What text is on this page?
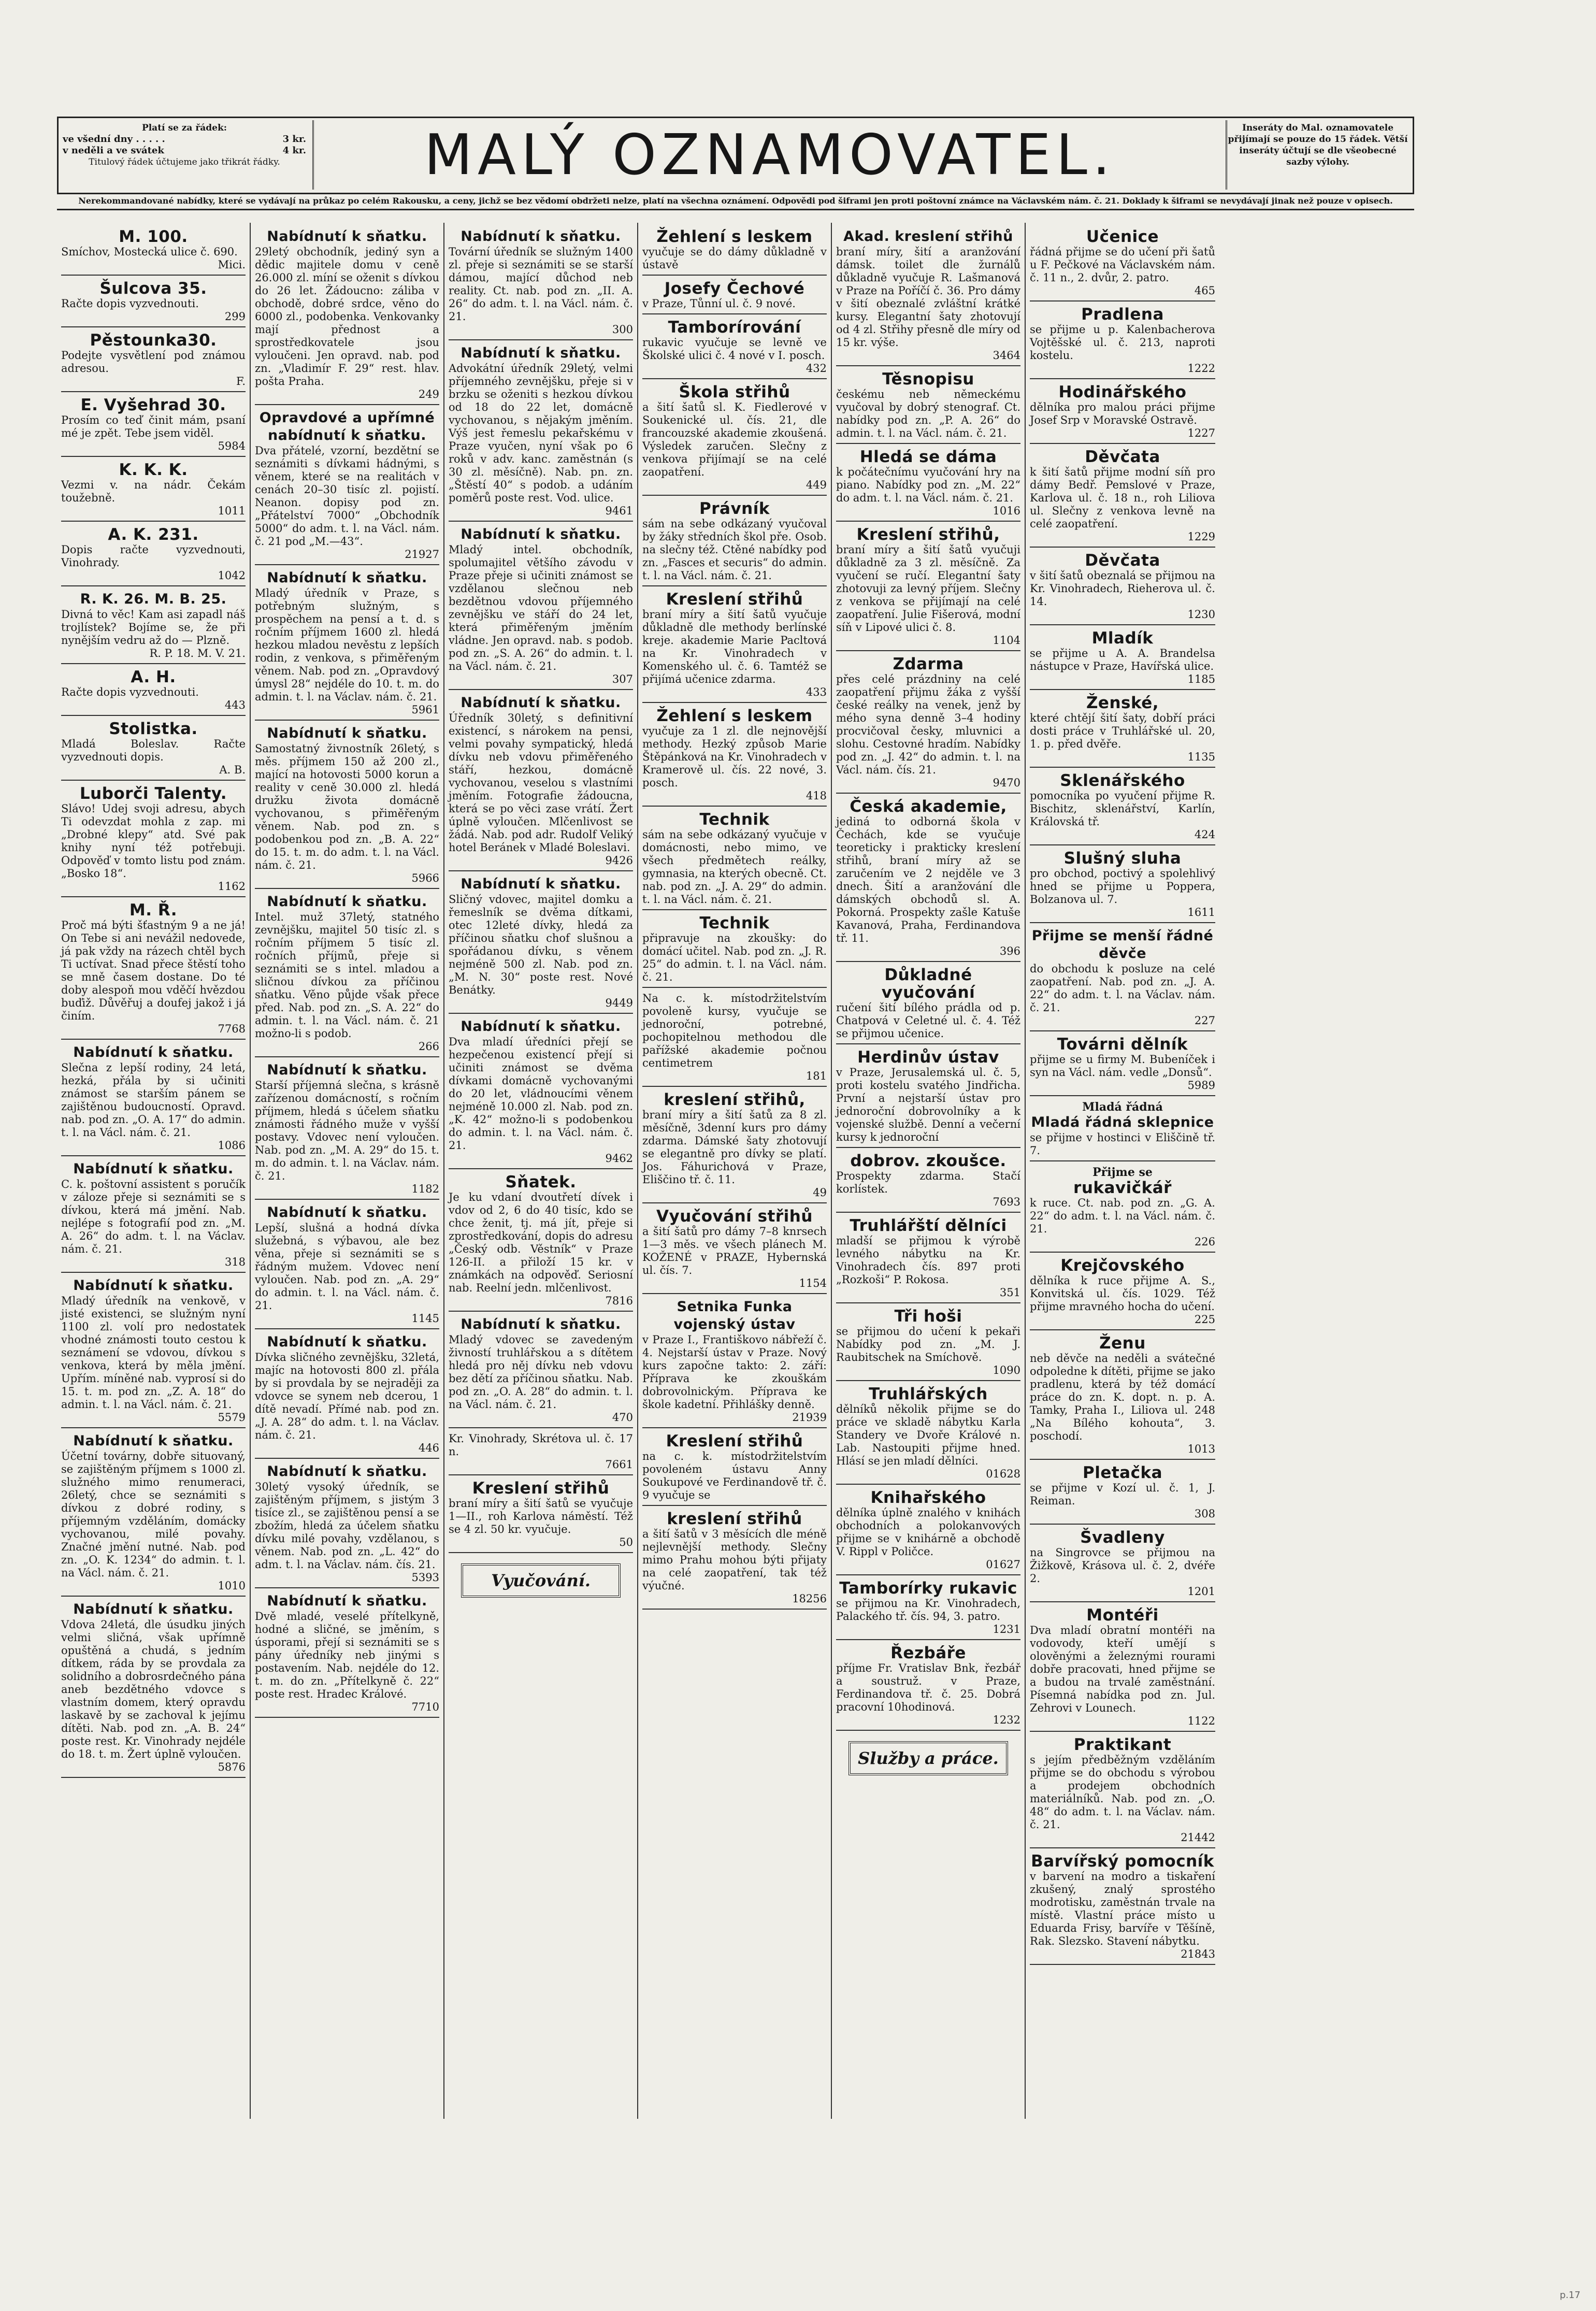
Platí se za řádek:
ve všední dny . . . . .	3 kr.
v neděli a ve svátek	4 kr.
Titulový řádek účtujeme jako třikrát řádky.	MALÝ OZNAMOVATEL.	Inseráty do Mal. oznamovatele přijímají se pouze do 15 řádek. Větší inseráty účtují se dle všeobecné sazby výlohy.
Nerekommandované nabídky, které se vydávají na průkaz po celém Rakousku, a ceny, jichž se bez vědomí obdržeti nelze, platí na všechna oznámení. Odpovědi pod šiframi jen proti poštovní známce na Václavském nám. č. 21. Doklady k šiframi se nevydávají jinak než pouze v opisech.
M. 100.
Smíchov, Mostecká ulice č. 690.
Mici.
Šulcova 35.
Račte dopis vyzvednouti.
299
Pěstounka30.
Podejte vysvětlení pod známou adresou.
F.
E. Vyšehrad 30.
Prosím co teď činit mám, psaní mé je zpět. Tebe jsem viděl.
5984
K. K. K.
Vezmi v. na nádr. Čekám toužebně.
1011
A. K. 231.
Dopis račte vyzvednouti, Vinohrady.
1042
R. K. 26. M. B. 25.
Divná to věc! Kam asi zapadl náš trojlístek? Bojíme se, že při nynějším vedru až do — Plzně.
R. P. 18. M. V. 21.
A. H.
Račte dopis vyzvednouti.
443
Stolistka.
Mladá Boleslav. Račte vyzvednouti dopis.
A. B.
Luborči Talenty.
Slávo! Udej svoji adresu, abych Ti odevzdat mohla z zap. mi „Drobné klepy“ atd. Své pak knihy nyní též potřebuji. Odpověď v tomto listu pod znám. „Bosko 18“.
1162
M. Ř.
Proč má býti šťastným 9 a ne já! On Tebe si ani nevážil nedovede, já pak vždy na rázech chtěl bych Ti uctívat. Snad přece štěstí toho se mně časem dostane. Do té doby alespoň mou vděčí hvězdou buďiž. Důvěřuj a doufej jakož i já činím.
7768
Nabídnutí k sňatku.
Slečna z lepší rodiny, 24 letá, hezká, přála by si učiniti známost se starším pánem se zajištěnou budoucností. Opravd. nab. pod zn. „O. A. 17“ do admin. t. l. na Václ. nám. č. 21.
1086
Nabídnutí k sňatku.
C. k. poštovní assistent s poručík v záloze přeje si seznámiti se s dívkou, která má jmění. Nab. nejlépe s fotografií pod zn. „M. A. 26“ do adm. t. l. na Václav. nám. č. 21.
318
Nabídnutí k sňatku.
Mladý úředník na venkově, v jisté existenci, se služným nyní 1100 zl. volí pro nedostatek vhodné známosti touto cestou k seznámení se vdovou, dívkou s venkova, která by měla jmění. Upřím. míněné nab. vyprosí si do 15. t. m. pod zn. „Z. A. 18“ do admin. t. l. na Václ. nám. č. 21.
5579
Nabídnutí k sňatku.
Účetní továrny, dobře situovaný, se zajištěným příjmem s 1000 zl. služného mimo renumeraci, 26letý, chce se seznámiti s dívkou z dobré rodiny, s příjemným vzděláním, domácky vychovanou, milé povahy. Značné jmění nutné. Nab. pod zn. „O. K. 1234“ do admin. t. l. na Václ. nám. č. 21.
1010
Nabídnutí k sňatku.
Vdova 24letá, dle úsudku jiných velmi sličná, však upřímně opuštěná a chudá, s jedním dítkem, ráda by se provdala za solidního a dobrosrdečného pána aneb bezdětného vdovce s vlastním domem, který opravdu laskavě by se zachoval k jejímu dítěti. Nab. pod zn. „A. B. 24“ poste rest. Kr. Vinohrady nejdéle do 18. t. m. Žert úplně vyloučen.
5876
Nabídnutí k sňatku.
29letý obchodník, jediný syn a dědic majitele domu v ceně 26.000 zl. míní se oženit s dívkou do 26 let. Žádoucno: záliba v obchodě, dobré srdce, věno do 6000 zl., podobenka. Venkovanky mají přednost a sprostředkovatele jsou vyloučeni. Jen opravd. nab. pod zn. „Vladimír F. 29“ rest. hlav. pošta Praha.
249
Opravdové a upřímné nabídnutí k sňatku.
Dva přátelé, vzorní, bezdětní se seznámiti s dívkami hádnými, s věnem, které se na realitách v cenách 20–30 tisíc zl. pojistí. Neanon. dopisy pod zn. „Přátelství 7000“ „Obchodník 5000“ do adm. t. l. na Václ. nám. č. 21 pod „M.—43“.
21927
Nabídnutí k sňatku.
Mladý úředník v Praze, s potřebným služným, s prospěchem na pensí a t. d. s ročním příjmem 1600 zl. hledá hezkou mladou nevěstu z lepších rodin, z venkova, s přiměřeným věnem. Nab. pod zn. „Opravdový úmysl 28“ nejdéle do 10. t. m. do admin. t. l. na Václav. nám. č. 21.
5961
Nabídnutí k sňatku.
Samostatný živnostník 26letý, s měs. příjmem 150 až 200 zl., mající na hotovosti 5000 korun a reality v ceně 30.000 zl. hledá družku života domácně vychovanou, s přiměřeným věnem. Nab. pod zn. s podobenkou pod zn. „B. A. 22“ do 15. t. m. do adm. t. l. na Václ. nám. č. 21.
5966
Nabídnutí k sňatku.
Intel. muž 37letý, statného zevnějšku, majitel 50 tisíc zl. s ročním příjmem 5 tisíc zl. ročních příjmů, přeje si seznámiti se s intel. mladou a sličnou dívkou za příčinou sňatku. Věno půjde však přece před. Nab. pod zn. „S. A. 22“ do admin. t. l. na Václ. nám. č. 21 možno-li s podob.
266
Nabídnutí k sňatku.
Starší příjemná slečna, s krásně zařízenou domácností, s ročním příjmem, hledá s účelem sňatku známosti řádného muže v vyšší postavy. Vdovec není vyloučen. Nab. pod zn. „M. A. 29“ do 15. t. m. do admin. t. l. na Václav. nám. č. 21.
1182
Nabídnutí k sňatku.
Lepší, slušná a hodná dívka služebná, s výbavou, ale bez věna, přeje si seznámiti se s řádným mužem. Vdovec není vyloučen. Nab. pod zn. „A. 29“ do admin. t. l. na Václ. nám. č. 21.
1145
Nabídnutí k sňatku.
Dívka sličného zevnějšku, 32letá, majíc na hotovosti 800 zl. přála by si provdala by se nejraději za vdovce se synem neb dcerou, 1 dítě nevadí. Přímé nab. pod zn. „J. A. 28“ do adm. t. l. na Václav. nám. č. 21.
446
Nabídnutí k sňatku.
30letý vysoký úředník, se zajištěným příjmem, s jistým 3 tisíce zl., se zajištěnou pensí a se zbožím, hledá za účelem sňatku dívku milé povahy, vzdělanou, s věnem. Nab. pod zn. „L. 42“ do adm. t. l. na Václav. nám. čís. 21.
5393
Nabídnutí k sňatku.
Dvě mladé, veselé přítelkyně, hodné a sličné, se jměním, s úsporami, přejí si seznámiti se s pány úředníky neb jinými s postavením. Nab. nejdéle do 12. t. m. do zn. „Přítelkyně č. 22“ poste rest. Hradec Králové.
7710
Nabídnutí k sňatku.
Tovární úředník se služným 1400 zl. přeje si seznámiti se se starší dámou, mající důchod neb reality. Ct. nab. pod zn. „II. A. 26“ do adm. t. l. na Václ. nám. č. 21.
300
Nabídnutí k sňatku.
Advokátní úředník 29letý, velmi příjemného zevnějšku, přeje si v brzku se oženiti s hezkou dívkou od 18 do 22 let, domácně vychovanou, s nějakým jměním. Výš jest řemeslu pekařskému v Praze vyučen, nyní však po 6 roků v adv. kanc. zaměstnán (s 30 zl. měsíčně). Nab. pn. zn. „Štěstí 40“ s podob. a udáním poměrů poste rest. Vod. ulice.
9461
Nabídnutí k sňatku.
Mladý intel. obchodník, spolumajitel většího závodu v Praze přeje si učiniti známost se vzdělanou slečnou neb bezdětnou vdovou příjemného zevnějšku ve stáří do 24 let, která přiměřeným jměním vládne. Jen opravd. nab. s podob. pod zn. „S. A. 26“ do admin. t. l. na Václ. nám. č. 21.
307
Nabídnutí k sňatku.
Úředník 30letý, s definitivní existencí, s nárokem na pensi, velmi povahy sympatický, hledá dívku neb vdovu přiměřeného stáří, hezkou, domácně vychovanou, veselou s vlastními jměním. Fotografie žádoucna, která se po věci zase vrátí. Žert úplně vyloučen. Mlčenlivost se žádá. Nab. pod adr. Rudolf Veliký hotel Beránek v Mladé Boleslavi.
9426
Nabídnutí k sňatku.
Sličný vdovec, majitel domku a řemeslník se dvěma dítkami, otec 12leté dívky, hledá za příčinou sňatku chof slušnou a spořádanou dívku, s věnem nejméně 500 zl. Nab. pod zn. „M. N. 30“ poste rest. Nové Benátky.
9449
Nabídnutí k sňatku.
Dva mladí úředníci přejí se hezpečenou existencí přejí si učiniti známost se dvěma dívkami domácně vychovanými do 20 let, vládnoucími věnem nejméně 10.000 zl. Nab. pod zn. „K. 42“ možno-li s podobenkou do admin. t. l. na Václ. nám. č. 21.
9462
Sňatek.
Je ku vdaní dvoutřetí dívek i vdov od 2, 6 do 40 tisíc, kdo se chce ženit, tj. má jít, přeje si zprostředkování, dopis do adresu „Český odb. Věstník“ v Praze 126-II. a přiloží 15 kr. v známkách na odpověď. Seriosní nab. Reelní jedn. mlčenlivost.
7816
Nabídnutí k sňatku.
Mladý vdovec se zavedeným živností truhlářskou a s dítětem hledá pro něj dívku neb vdovu bez dětí za příčinou sňatku. Nab. pod zn. „O. A. 28“ do admin. t. l. na Václ. nám. č. 21.
470
Kr. Vinohrady, Skrétova ul. č. 17 n.
7661
Kreslení střihů
braní míry a šití šatů se vyučuje 1—II., roh Karlova náměstí. Též se 4 zl. 50 kr. vyučuje.
50
Vyučování.
Žehlení s leskem
vyučuje se do dámy důkladně v ústavě
Josefy Čechové
v Praze, Tůnní ul. č. 9 nové.
Tamborírování
rukavic vyučuje se levně ve Školské ulici č. 4 nové v I. posch.
432
Škola střihů
a šití šatů sl. K. Fiedlerové v Soukenické ul. čís. 21, dle francouzské akademie zkoušená. Výsledek zaručen. Slečny z venkova přijímají se na celé zaopatření.
449
Právník
sám na sebe odkázaný vyučoval by žáky středních škol pře. Osob. na slečny též. Ctěné nabídky pod zn. „Fasces et securis“ do admin. t. l. na Václ. nám. č. 21.
Kreslení střihů
braní míry a šití šatů vyučuje důkladně dle methody berlínské kreje. akademie Marie Pacltová na Kr. Vinohradech v Komenského ul. č. 6. Tamtéž se přijímá učenice zdarma.
433
Žehlení s leskem
vyučuje za 1 zl. dle nejnovější methody. Hezký způsob Marie Štěpánková na Kr. Vinohradech v Kramerově ul. čís. 22 nové, 3. posch.
418
Technik
sám na sebe odkázaný vyučuje v domácnosti, nebo mimo, ve všech předmětech reálky, gymnasia, na kterých obecně. Ct. nab. pod zn. „J. A. 29“ do admin. t. l. na Václ. nám. č. 21.
Technik
připravuje na zkoušky: do domácí učitel. Nab. pod zn. „J. R. 25“ do admin. t. l. na Václ. nám. č. 21.
Na c. k. místodržitelstvím povoleně kursy, vyučuje se jednoroční, potrebné, pochopitelnou methodou dle pařížské akademie počnou centimetrem
181
kreslení střihů,
braní míry a šití šatů za 8 zl. měsíčně, 3denní kurs pro dámy zdarma. Dámské šaty zhotovují se elegantně pro dívky se platí. Jos. Fáhurichová v Praze, Eliščino tř. č. 11.
49
Vyučování střihů
a šití šatů pro dámy 7–8 knrsech 1—3 měs. ve všech plánech M. KOŽENÉ v PRAZE, Hybernská ul. čís. 7.
1154
Setnika Funka vojenský ústav
v Praze I., Františkovo nábřeží č. 4. Nejstarší ústav v Praze. Nový kurs započne takto: 2. září: Příprava ke zkouškám dobrovolnickým. Příprava ke škole kadetní. Přihlášky denně.
21939
Kreslení střihů
na c. k. místodržitelstvím povoleném ústavu Anny Soukupové ve Ferdinandově tř. č. 9 vyučuje se
kreslení střihů
a šití šatů v 3 měsících dle méně nejlevnější methody. Slečny mimo Prahu mohou býti přijaty na celé zaopatření, tak též výučné.
18256
Akad. kreslení střihů
braní míry, šití a aranžování dámsk. toilet dle žurnálů důkladně vyučuje R. Lašmanová v Praze na Poříčí č. 36. Pro dámy v šití obeznalé zvláštní krátké kursy. Elegantní šaty zhotovují od 4 zl. Střihy přesně dle míry od 15 kr. výše.
3464
Těsnopisu
českému neb německému vyučoval by dobrý stenograf. Ct. nabídky pod zn. „P. A. 26“ do admin. t. l. na Václ. nám. č. 21.
Hledá se dáma
k počátečnímu vyučování hry na piano. Nabídky pod zn. „M. 22“ do adm. t. l. na Václ. nám. č. 21.
1016
Kreslení střihů,
braní míry a šití šatů vyučuji důkladně za 3 zl. měsíčně. Za vyučení se ručí. Elegantní šaty zhotovuji za levný příjem. Slečny z venkova se přijímají na celé zaopatření. Julie Fišerová, modní síň v Lipové ulici č. 8.
1104
Zdarma
přes celé prázdniny na celé zaopatření přijmu žáka z vyšší české reálky na venek, jenž by mého syna denně 3–4 hodiny procvičoval česky, mluvnici a slohu. Cestovné hradím. Nabídky pod zn. „J. 42“ do admin. t. l. na Václ. nám. čís. 21.
9470
Česká akademie,
jediná to odborná škola v Čechách, kde se vyučuje teoreticky i prakticky kreslení střihů, braní míry až se zaručením ve 2 nejděle ve 3 dnech. Šití a aranžování dle dámských obchodů sl. A. Pokorná. Prospekty zašle Katuše Kavanová, Praha, Ferdinandova tř. 11.
396
Důkladné vyučování
ručení šití bílého prádla od p. Chatpová v Celetné ul. č. 4. Též se přijmou učenice.
Herdinův ústav
v Praze, Jerusalemská ul. č. 5, proti kostelu svatého Jindřicha. První a nejstarší ústav pro jednoroční dobrovolníky a k vojenské službě. Denní a večerní kursy k jednoroční
dobrov. zkoušce.
Prospekty zdarma. Stačí korlístek.
7693
Truhlářští dělníci
mladší se přijmou k výrobě levného nábytku na Kr. Vinohradech čís. 897 proti „Rozkoši“ P. Rokosa.
351
Tři hoši
se přijmou do učení k pekaři Nabídky pod zn. „M. J. Raubitschek na Smíchově.
1090
Truhlářských
dělníků několik přijme se do práce ve skladě nábytku Karla Standery ve Dvoře Králové n. Lab. Nastoupiti přijme hned. Hlásí se jen mladí dělníci.
01628
Knihařského
dělníka úplně znalého v knihách obchodních a polokanvových přijme se v knihárně a obchodě V. Rippl v Poličce.
01627
Tamborírky rukavic
se přijmou na Kr. Vinohradech, Palackého tř. čís. 94, 3. patro.
1231
Řezbáře
příjme Fr. Vratislav Bnk, řezbář a soustruž. v Praze, Ferdinandova tř. č. 25. Dobrá pracovní 10hodinová.
1232
Služby a práce.
Učenice
řádná přijme se do učení při šatů u F. Pečkové na Václavském nám. č. 11 n., 2. dvůr, 2. patro.
465
Pradlena
se přijme u p. Kalenbacherova Vojtěšské ul. č. 213, naproti kostelu.
1222
Hodinářského
dělníka pro malou práci přijme Josef Srp v Moravské Ostravě.
1227
Děvčata
k šití šatů přijme modní síň pro dámy Bedř. Pemslové v Praze, Karlova ul. č. 18 n., roh Liliova ul. Slečny z venkova levně na celé zaopatření.
1229
Děvčata
v šití šatů obeznalá se přijmou na Kr. Vinohradech, Rieherova ul. č. 14.
1230
Mladík
se přijme u A. A. Brandelsa nástupce v Praze, Havířská ulice.
1185
Ženské,
které chtějí šití šaty, dobří práci dosti práce v Truhlářské ul. 20, 1. p. před dvěře.
1135
Sklenářského
pomocníka po vyučení přijme R. Bischitz, sklenářství, Karlín, Královská tř.
424
Slušný sluha
pro obchod, poctivý a spolehlivý hned se přijme u Poppera, Bolzanova ul. 7.
1611
Přijme se menší řádné děvče
do obchodu k posluze na celé zaopatření. Nab. pod zn. „J. A. 22“ do adm. t. l. na Václav. nám. č. 21.
227
Továrni dělník
přijme se u firmy M. Bubeníček i syn na Václ. nám. vedle „Donsů“.
5989
Mladá řádná
Mladá řádná sklepnice
se přijme v hostinci v Eliščině tř. 7.
Přijme se
rukavičkář
k ruce. Ct. nab. pod zn. „G. A. 22“ do adm. t. l. na Václ. nám. č. 21.
226
Krejčovského
dělníka k ruce přijme A. S., Konvitská ul. čís. 1029. Též přijme mravného hocha do učení.
225
Ženu
neb děvče na neděli a svátečné odpoledne k dítěti, přijme se jako pradlenu, která by též domácí práce do zn. K. dopt. n. p. A. Tamky, Praha I., Liliova ul. 248 „Na Bílého kohouta“, 3. poschodí.
1013
Pletačka
se přijme v Kozí ul. č. 1, J. Reiman.
308
Švadleny
na Singrovce se přijmou na Žižkově, Krásova ul. č. 2, dvéře 2.
1201
Montéři
Dva mladí obratní montéři na vodovody, kteří umějí s olověnými a železnými rourami dobře pracovati, hned přijme se a budou na trvalé zaměstnání. Písemná nabídka pod zn. Jul. Zehrovi v Lounech.
1122
Praktikant
s jejím předběžným vzděláním přijme se do obchodu s výrobou a prodejem obchodních materiálníků. Nab. pod zn. „O. 48“ do adm. t. l. na Václav. nám. č. 21.
21442
Barvířský pomocník
v barvení na modro a tiskaření zkušený, znalý sprostého modrotisku, zaměstnán trvale na místě. Vlastní práce místo u Eduarda Frisy, barvíře v Těšíně, Rak. Slezsko. Stavení nábytku.
21843
p.17
